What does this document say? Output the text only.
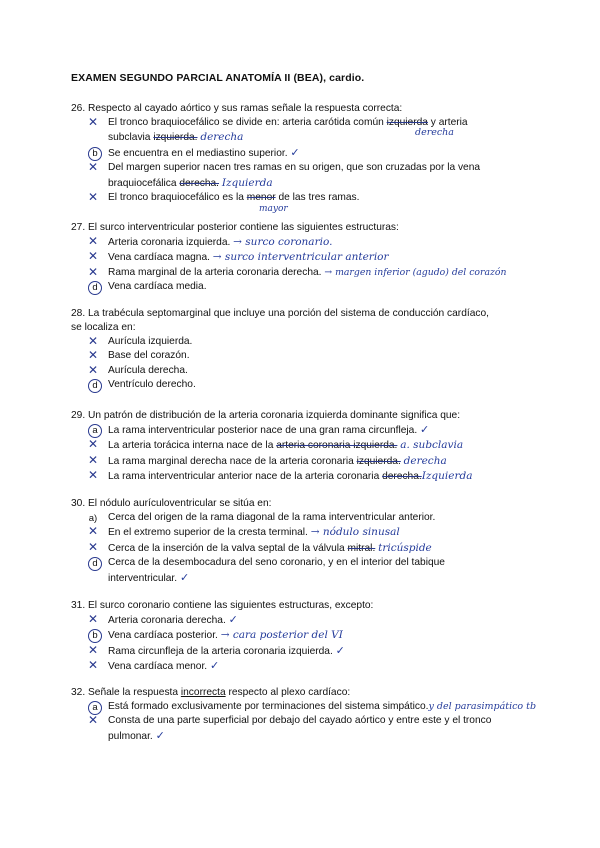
EXAMEN SEGUNDO PARCIAL ANATOMÍA II (BEA), cardio.
26. Respecto al cayado aórtico y sus ramas señale la respuesta correcta:
✕
El tronco braquiocefálico se divide en: arteria carótida común izquierda y arteria
derecha
subclavia izquierda. derecha
b	Se encuentra en el mediastino superior. ✓
✕
Del margen superior nacen tres ramas en su origen, que son cruzadas por la vena
braquiocefálica derecha. Izquierda
✕
El tronco braquiocefálico es la menor de las tres ramas.
mayor
27. El surco interventricular posterior contiene las siguientes estructuras:
✕
Arteria coronaria izquierda. → surco coronario.
✕
Vena cardíaca magna. → surco interventricular anterior
✕
Rama marginal de la arteria coronaria derecha. → margen inferior (agudo) del corazón
d	Vena cardíaca media.
28. La trabécula septomarginal que incluye una porción del sistema de conducción cardíaco,
se localiza en:
✕
Aurícula izquierda.
✕
Base del corazón.
✕
Aurícula derecha.
d	Ventrículo derecho.
29. Un patrón de distribución de la arteria coronaria izquierda dominante significa que:
a	La rama interventricular posterior nace de una gran rama circunfleja. ✓
✕
La arteria torácica interna nace de la arteria coronaria izquierda. a. subclavia
✕
La rama marginal derecha nace de la arteria coronaria izquierda. derecha
✕
La rama interventricular anterior nace de la arteria coronaria derecha.Izquierda
30. El nódulo aurículoventricular se sitúa en:
a) Cerca del origen de la rama diagonal de la rama interventricular anterior.
✕
En el extremo superior de la cresta terminal. → nódulo sinusal
✕
Cerca de la inserción de la valva septal de la válvula mitral. tricúspide
d	Cerca de la desembocadura del seno coronario, y en el interior del tabique
interventricular. ✓
31. El surco coronario contiene las siguientes estructuras, excepto:
✕
Arteria coronaria derecha. ✓
b	Vena cardíaca posterior. → cara posterior del VI
✕
Rama circunfleja de la arteria coronaria izquierda. ✓
✕
Vena cardíaca menor. ✓
32. Señale la respuesta incorrecta respecto al plexo cardíaco:
a	Está formado exclusivamente por terminaciones del sistema simpático.y del parasimpático tb
✕
Consta de una parte superficial por debajo del cayado aórtico y entre este y el tronco
pulmonar. ✓
